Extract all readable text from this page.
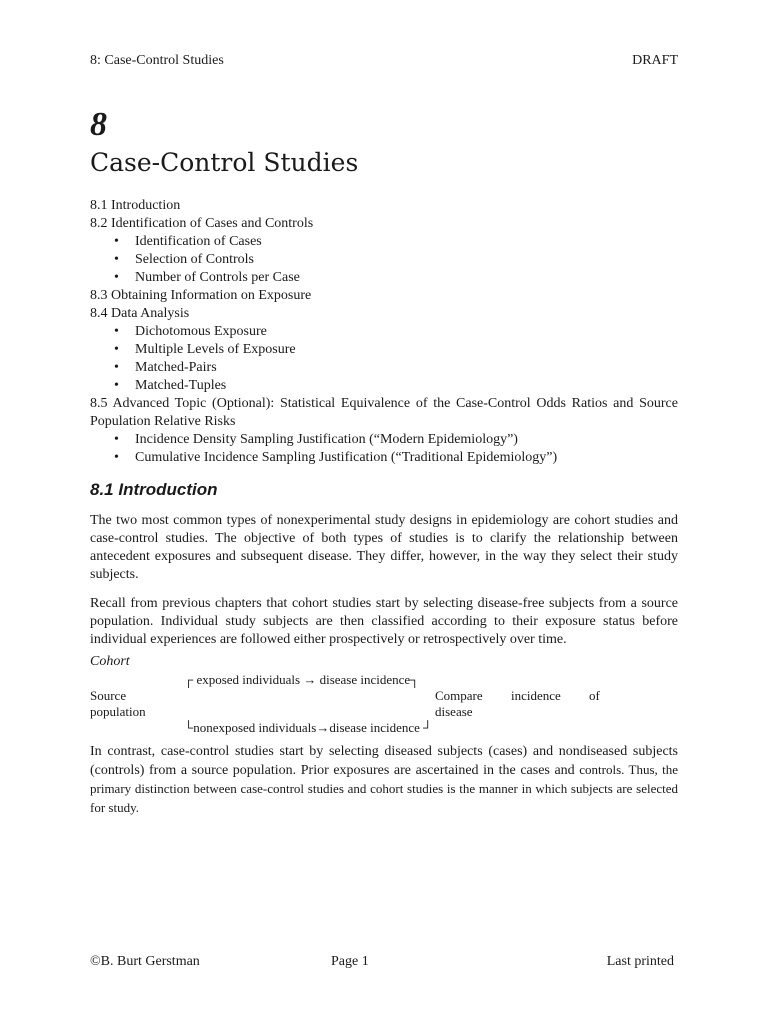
8: Case-Control Studies	DRAFT
8
Case-Control Studies
8.1 Introduction
8.2 Identification of Cases and Controls
• Identification of Cases
• Selection of Controls
• Number of Controls per Case
8.3 Obtaining Information on Exposure
8.4 Data Analysis
• Dichotomous Exposure
• Multiple Levels of Exposure
• Matched-Pairs
• Matched-Tuples
8.5 Advanced Topic (Optional): Statistical Equivalence of the Case-Control Odds Ratios and Source Population Relative Risks
• Incidence Density Sampling Justification (“Modern Epidemiology”)
• Cumulative Incidence Sampling Justification (“Traditional Epidemiology”)
8.1 Introduction

The two most common types of nonexperimental study designs in epidemiology are cohort studies and case-control studies. The objective of both types of studies is to clarify the relationship between antecedent exposures and subsequent disease. They differ, however, in the way they select their study subjects.

Recall from previous chapters that cohort studies start by selecting disease-free subjects from a source population. Individual study subjects are then classified according to their exposure status before individual experiences are followed either prospectively or retrospectively over time.

Cohort
┌ exposed individuals → disease incidence┐
Source
population
Compare incidence of
disease
└nonexposed individuals→disease incidence ┘

In contrast, case-control studies start by selecting diseased subjects (cases) and nondiseased subjects (controls) from a source population. Prior exposures are ascertained in the cases and controls. Thus, the primary distinction between case-control studies and cohort studies is the manner in which subjects are selected for study.

©B. Burt Gerstman	Page 1	Last printed
